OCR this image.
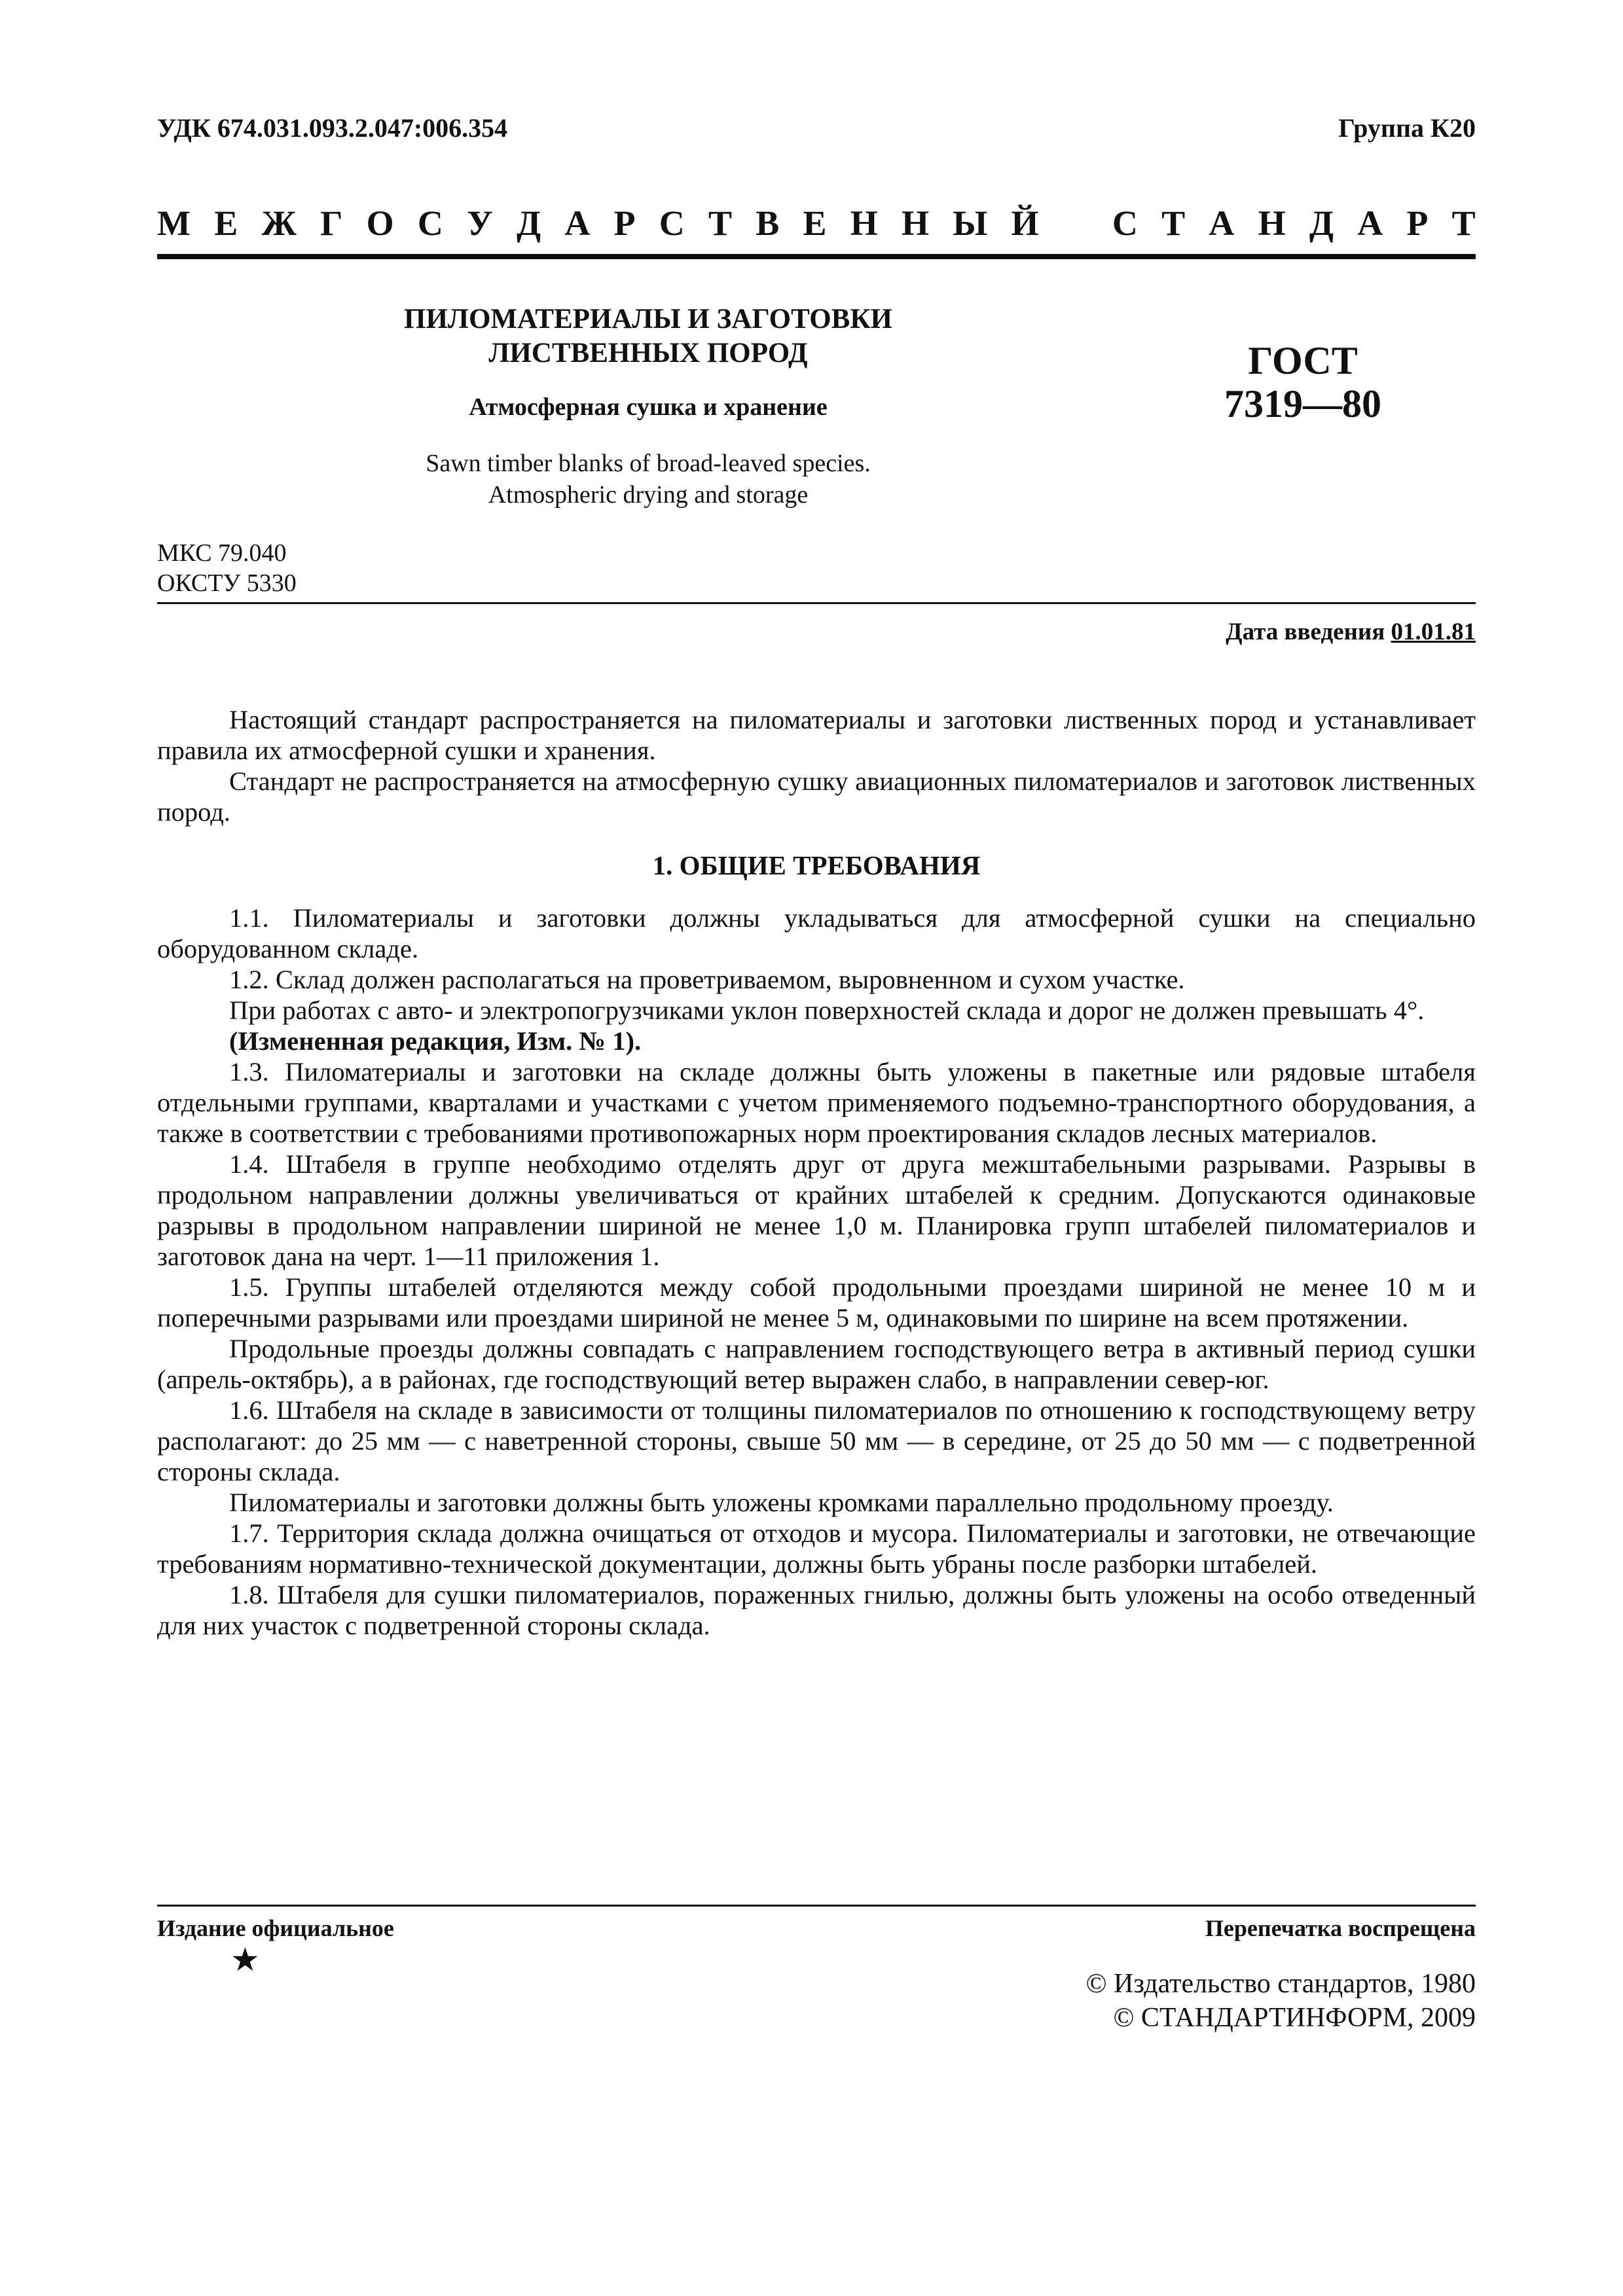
УДК 674.031.093.2.047:006.354	Группа К20
М Е Ж Г О С У Д А Р С Т В Е Н Н Ы Й С Т А Н Д А Р Т
ПИЛОМАТЕРИАЛЫ И ЗАГОТОВКИ
ЛИСТВЕННЫХ ПОРОД
Атмосферная сушка и хранение
Sawn timber blanks of broad-leaved species.
Atmospheric drying and storage
ГОСТ
7319—80
МКС 79.040
ОКСТУ 5330
Дата введения 01.01.81

Настоящий стандарт распространяется на пиломатериалы и заготовки лиственных пород и устанавливает правила их атмосферной сушки и хранения.

Стандарт не распространяется на атмосферную сушку авиационных пиломатериалов и заготовок лиственных пород.

1. ОБЩИЕ ТРЕБОВАНИЯ

1.1. Пиломатериалы и заготовки должны укладываться для атмосферной сушки на специально оборудованном складе.

1.2. Склад должен располагаться на проветриваемом, выровненном и сухом участке.

При работах с авто- и электропогрузчиками уклон поверхностей склада и дорог не должен превышать 4°.

(Измененная редакция, Изм. № 1).

1.3. Пиломатериалы и заготовки на складе должны быть уложены в пакетные или рядовые штабеля отдельными группами, кварталами и участками с учетом применяемого подъемно-транспортного оборудования, а также в соответствии с требованиями противопожарных норм проектирования складов лесных материалов.

1.4. Штабеля в группе необходимо отделять друг от друга межштабельными разрывами. Разрывы в продольном направлении должны увеличиваться от крайних штабелей к средним. Допускаются одинаковые разрывы в продольном направлении шириной не менее 1,0 м. Планировка групп штабелей пиломатериалов и заготовок дана на черт. 1—11 приложения 1.

1.5. Группы штабелей отделяются между собой продольными проездами шириной не менее 10 м и поперечными разрывами или проездами шириной не менее 5 м, одинаковыми по ширине на всем протяжении.

Продольные проезды должны совпадать с направлением господствующего ветра в активный период сушки (апрель-октябрь), а в районах, где господствующий ветер выражен слабо, в направлении север-юг.

1.6. Штабеля на складе в зависимости от толщины пиломатериалов по отношению к господствующему ветру располагают: до 25 мм — с наветренной стороны, свыше 50 мм — в середине, от 25 до 50 мм — с подветренной стороны склада.

Пиломатериалы и заготовки должны быть уложены кромками параллельно продольному проезду.

1.7. Территория склада должна очищаться от отходов и мусора. Пиломатериалы и заготовки, не отвечающие требованиям нормативно-технической документации, должны быть убраны после разборки штабелей.

1.8. Штабеля для сушки пиломатериалов, пораженных гнилью, должны быть уложены на особо отведенный для них участок с подветренной стороны склада.

Издание официальное	Перепечатка воспрещена
★
© Издательство стандартов, 1980
© СТАНДАРТИНФОРМ, 2009
